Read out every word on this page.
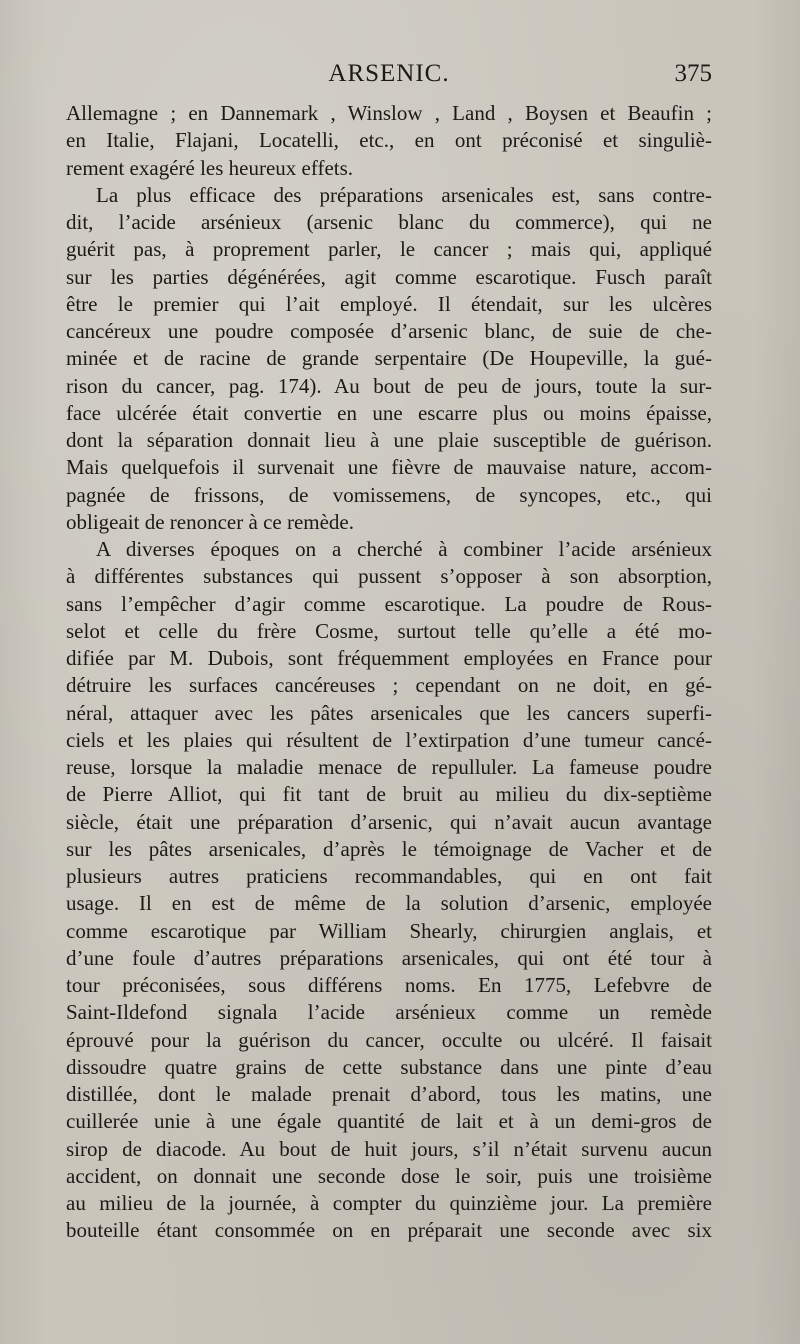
ARSENIC.	375
Allemagne ; en Dannemark , Winslow , Land , Boysen et Beaufin ;
en Italie, Flajani, Locatelli, etc., en ont préconisé et singuliè-
rement exagéré les heureux effets.
La plus efficace des préparations arsenicales est, sans contre-
dit, l’acide arsénieux (arsenic blanc du commerce), qui ne
guérit pas, à proprement parler, le cancer ; mais qui, appliqué
sur les parties dégénérées, agit comme escarotique. Fusch paraît
être le premier qui l’ait employé. Il étendait, sur les ulcères
cancéreux une poudre composée d’arsenic blanc, de suie de che-
minée et de racine de grande serpentaire (De Houpeville, la gué-
rison du cancer, pag. 174). Au bout de peu de jours, toute la sur-
face ulcérée était convertie en une escarre plus ou moins épaisse,
dont la séparation donnait lieu à une plaie susceptible de guérison.
Mais quelquefois il survenait une fièvre de mauvaise nature, accom-
pagnée de frissons, de vomissemens, de syncopes, etc., qui
obligeait de renoncer à ce remède.
A diverses époques on a cherché à combiner l’acide arsénieux
à différentes substances qui pussent s’opposer à son absorption,
sans l’empêcher d’agir comme escarotique. La poudre de Rous-
selot et celle du frère Cosme, surtout telle qu’elle a été mo-
difiée par M. Dubois, sont fréquemment employées en France pour
détruire les surfaces cancéreuses ; cependant on ne doit, en gé-
néral, attaquer avec les pâtes arsenicales que les cancers superfi-
ciels et les plaies qui résultent de l’extirpation d’une tumeur cancé-
reuse, lorsque la maladie menace de repulluler. La fameuse poudre
de Pierre Alliot, qui fit tant de bruit au milieu du dix-septième
siècle, était une préparation d’arsenic, qui n’avait aucun avantage
sur les pâtes arsenicales, d’après le témoignage de Vacher et de
plusieurs autres praticiens recommandables, qui en ont fait
usage. Il en est de même de la solution d’arsenic, employée
comme escarotique par William Shearly, chirurgien anglais, et
d’une foule d’autres préparations arsenicales, qui ont été tour à
tour préconisées, sous différens noms. En 1775, Lefebvre de
Saint-Ildefond signala l’acide arsénieux comme un remède
éprouvé pour la guérison du cancer, occulte ou ulcéré. Il faisait
dissoudre quatre grains de cette substance dans une pinte d’eau
distillée, dont le malade prenait d’abord, tous les matins, une
cuillerée unie à une égale quantité de lait et à un demi-gros de
sirop de diacode. Au bout de huit jours, s’il n’était survenu aucun
accident, on donnait une seconde dose le soir, puis une troisième
au milieu de la journée, à compter du quinzième jour. La première
bouteille étant consommée on en préparait une seconde avec six
